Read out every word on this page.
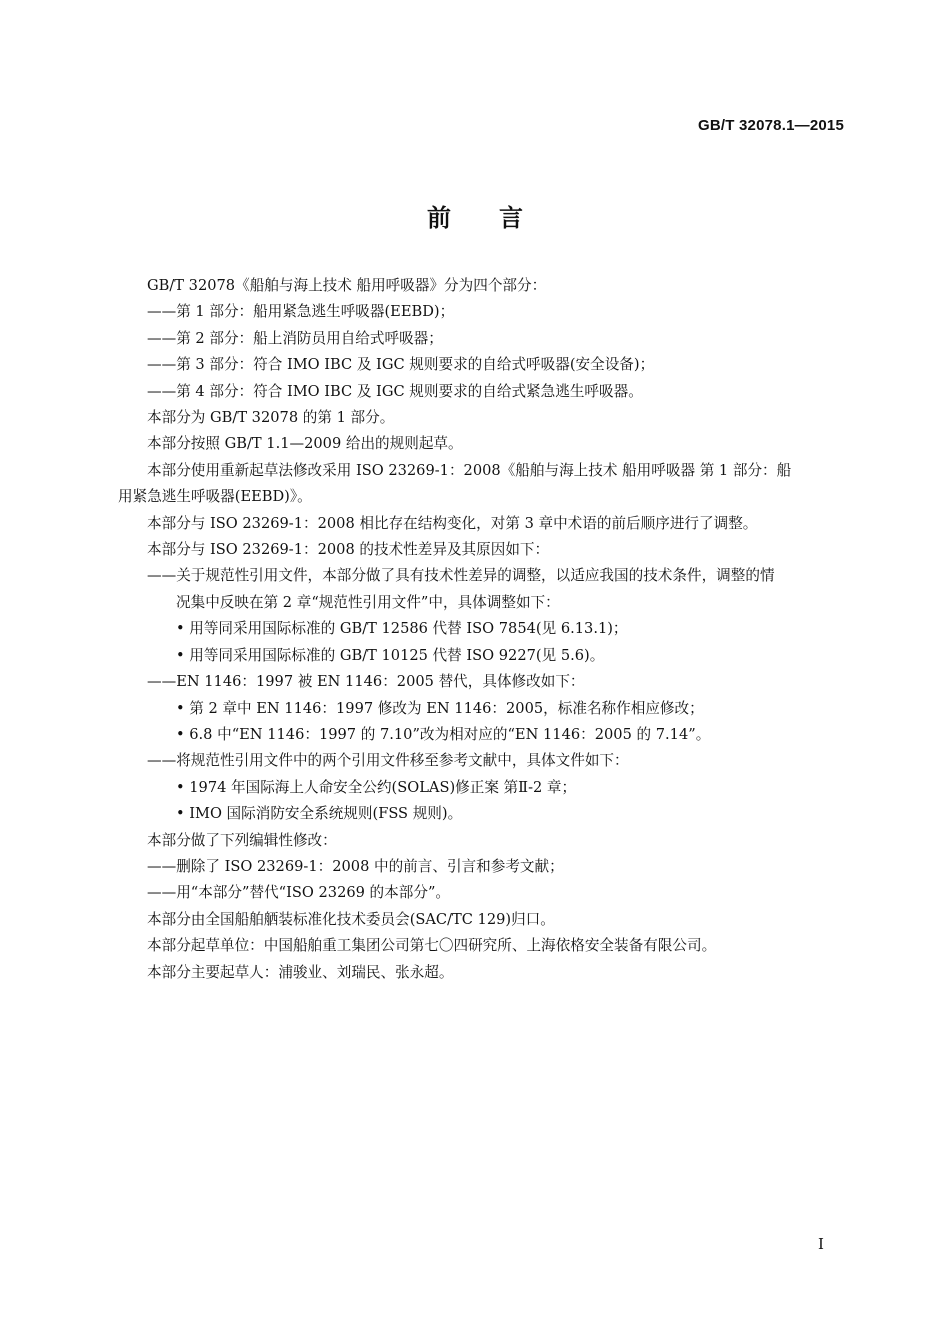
GB/T 32078.1—2015
前言

GB/T 32078《船舶与海上技术 船用呼吸器》分为四个部分：

——第 1 部分：船用紧急逃生呼吸器(EEBD)；

——第 2 部分：船上消防员用自给式呼吸器；

——第 3 部分：符合 IMO IBC 及 IGC 规则要求的自给式呼吸器(安全设备)；

——第 4 部分：符合 IMO IBC 及 IGC 规则要求的自给式紧急逃生呼吸器。

本部分为 GB/T 32078 的第 1 部分。

本部分按照 GB/T 1.1—2009 给出的规则起草。

本部分使用重新起草法修改采用 ISO 23269-1：2008《船舶与海上技术 船用呼吸器 第 1 部分：船

用紧急逃生呼吸器(EEBD)》。

本部分与 ISO 23269-1：2008 相比存在结构变化，对第 3 章中术语的前后顺序进行了调整。

本部分与 ISO 23269-1：2008 的技术性差异及其原因如下：

——关于规范性引用文件，本部分做了具有技术性差异的调整，以适应我国的技术条件，调整的情

况集中反映在第 2 章“规范性引用文件”中，具体调整如下：

• 用等同采用国际标准的 GB/T 12586 代替 ISO 7854(见 6.13.1)；

• 用等同采用国际标准的 GB/T 10125 代替 ISO 9227(见 5.6)。

——EN 1146：1997 被 EN 1146：2005 替代，具体修改如下：

• 第 2 章中 EN 1146：1997 修改为 EN 1146：2005，标准名称作相应修改；

• 6.8 中“EN 1146：1997 的 7.10”改为相对应的“EN 1146：2005 的 7.14”。

——将规范性引用文件中的两个引用文件移至参考文献中，具体文件如下：

• 1974 年国际海上人命安全公约(SOLAS)修正案 第Ⅱ-2 章；

• IMO 国际消防安全系统规则(FSS 规则)。

本部分做了下列编辑性修改：

——删除了 ISO 23269-1：2008 中的前言、引言和参考文献；

——用“本部分”替代“ISO 23269 的本部分”。

本部分由全国船舶舾装标准化技术委员会(SAC/TC 129)归口。

本部分起草单位：中国船舶重工集团公司第七〇四研究所、上海依格安全装备有限公司。

本部分主要起草人：浦骏业、刘瑞民、张永超。

I
